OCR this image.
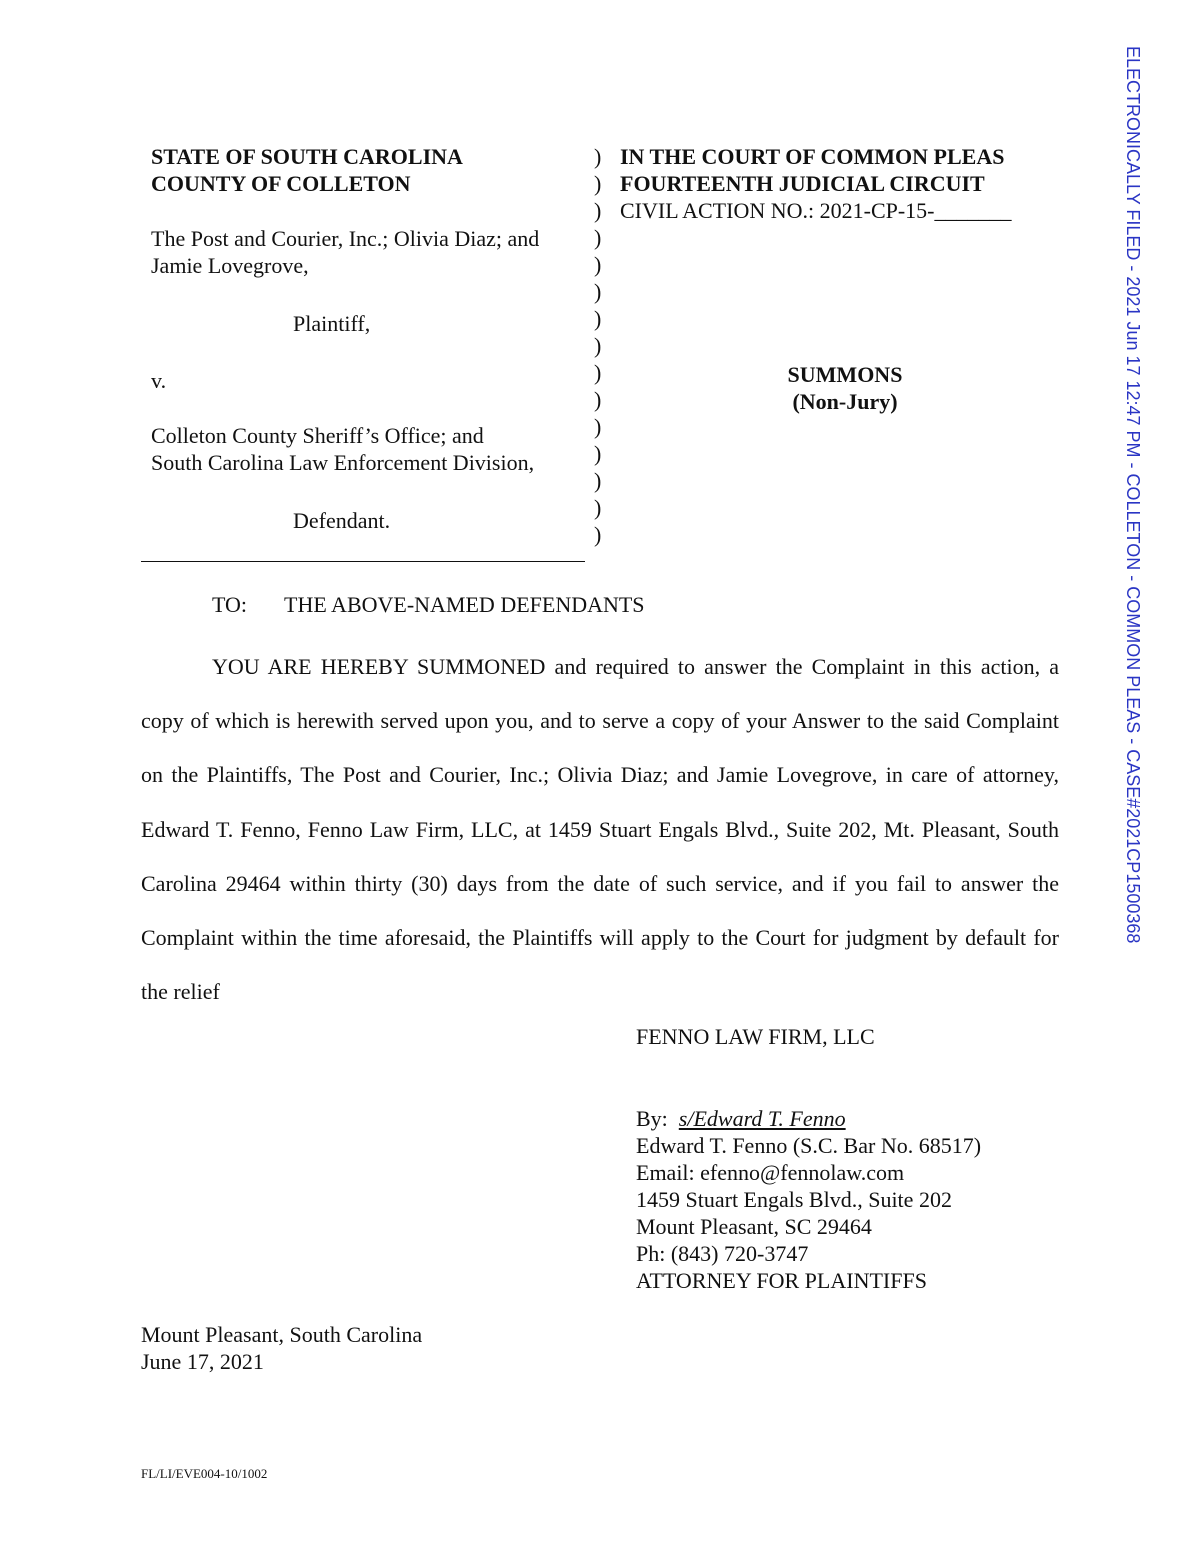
STATE OF SOUTH CAROLINA
COUNTY OF COLLETON
IN THE COURT OF COMMON PLEAS
FOURTEENTH JUDICIAL CIRCUIT
CIVIL ACTION NO.: 2021-CP-15-_______
)
)
)
)
)
)
)
)
)
)
)
)
)
)
)
The Post and Courier, Inc.; Olivia Diaz; and
Jamie Lovegrove,
Plaintiff,
v.
Colleton County Sheriff’s Office; and
South Carolina Law Enforcement Division,
Defendant.
SUMMONS
(Non-Jury)
TO: THE ABOVE-NAMED DEFENDANTS
YOU ARE HEREBY SUMMONED and required to answer the Complaint in this action, a copy of which is herewith served upon you, and to serve a copy of your Answer to the said Complaint on the Plaintiffs, The Post and Courier, Inc.; Olivia Diaz; and Jamie Lovegrove, in care of attorney, Edward T. Fenno, Fenno Law Firm, LLC, at 1459 Stuart Engals Blvd., Suite 202, Mt. Pleasant, South Carolina 29464 within thirty (30) days from the date of such service, and if you fail to answer the Complaint within the time aforesaid, the Plaintiffs will apply to the Court for judgment by default for the relief
FENNO LAW FIRM, LLC
By: s/Edward T. Fenno
Edward T. Fenno (S.C. Bar No. 68517)
Email: efenno@fennolaw.com
1459 Stuart Engals Blvd., Suite 202
Mount Pleasant, SC 29464
Ph: (843) 720-3747
ATTORNEY FOR PLAINTIFFS
Mount Pleasant, South Carolina
June 17, 2021
FL/LI/EVE004-10/1002
ELECTRONICALLY FILED - 2021 Jun 17 12:47 PM - COLLETON - COMMON PLEAS - CASE#2021CP1500368
